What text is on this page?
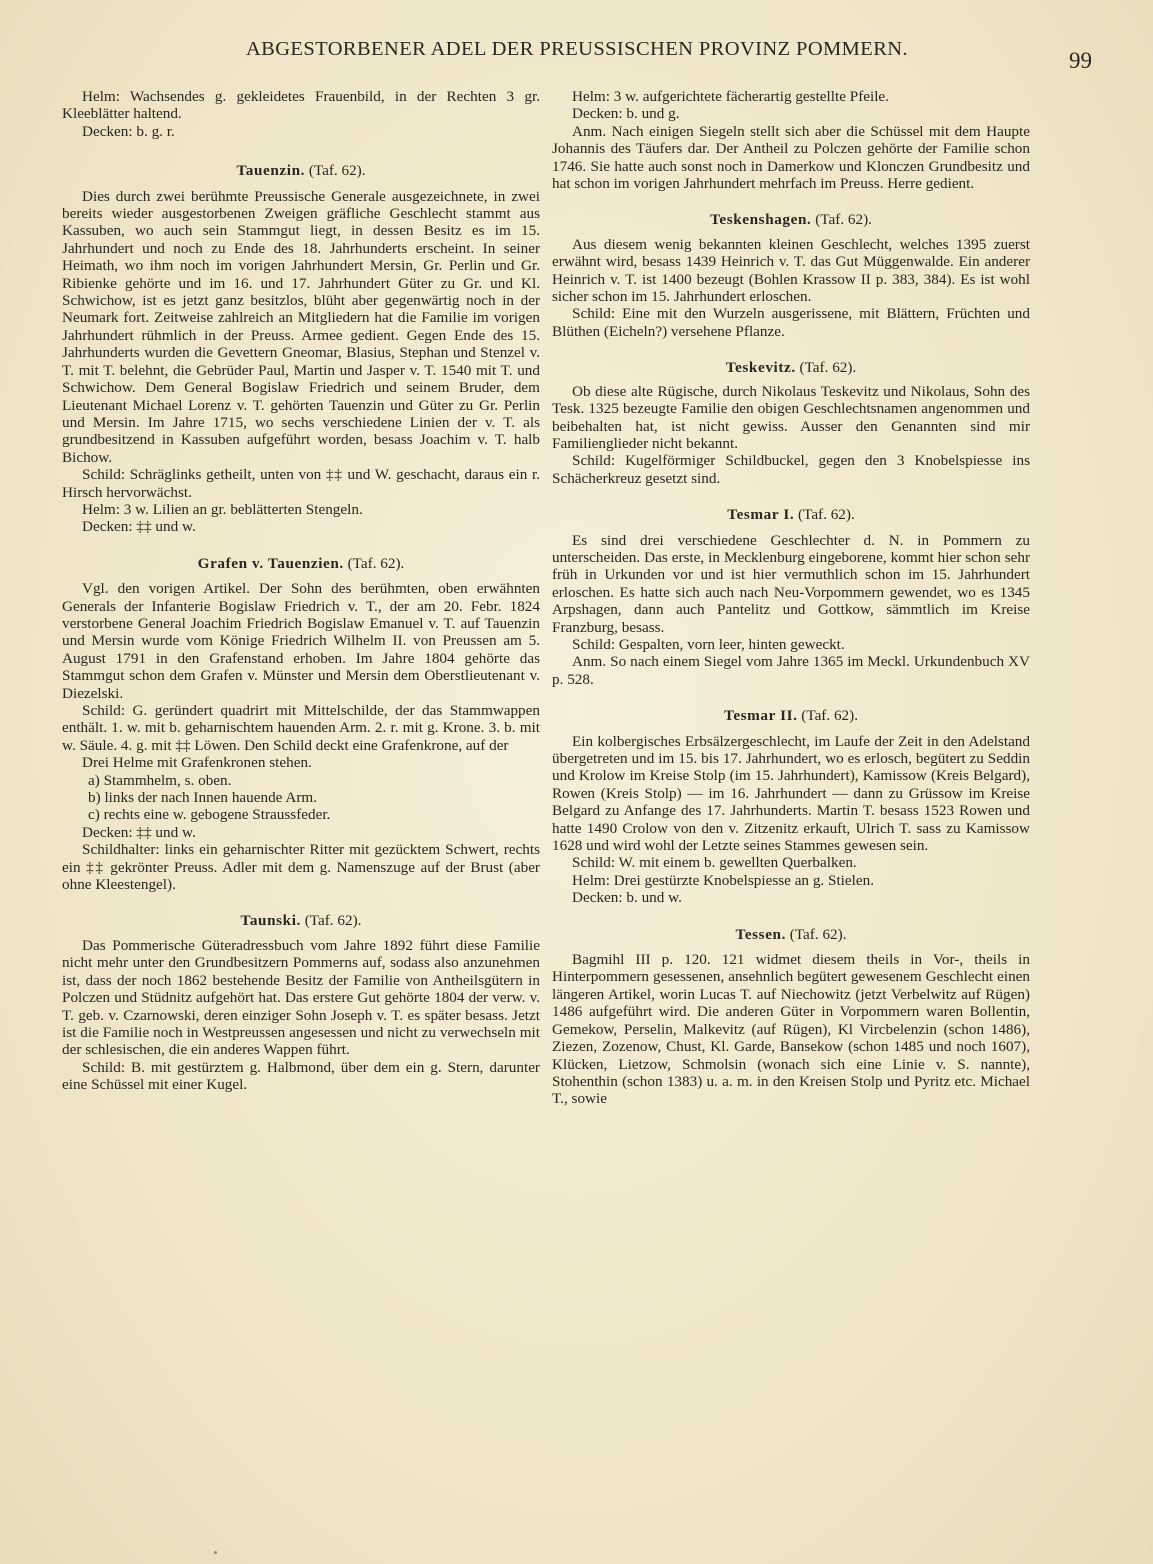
ABGESTORBENER ADEL DER PREUSSISCHEN PROVINZ POMMERN.	99

Helm: Wachsendes g. gekleidetes Frauenbild, in der Rechten 3 gr. Kleeblätter haltend.

Decken: b. g. r.

Tauenzin. (Taf. 62).

Dies durch zwei berühmte Preussische Generale ausgezeichnete, in zwei bereits wieder ausgestorbenen Zweigen gräfliche Geschlecht stammt aus Kassuben, wo auch sein Stammgut liegt, in dessen Besitz es im 15. Jahrhundert und noch zu Ende des 18. Jahrhunderts erscheint. In seiner Heimath, wo ihm noch im vorigen Jahrhundert Mersin, Gr. Perlin und Gr. Ribienke gehörte und im 16. und 17. Jahrhundert Güter zu Gr. und Kl. Schwichow, ist es jetzt ganz besitzlos, blüht aber gegenwärtig noch in der Neumark fort. Zeitweise zahlreich an Mitgliedern hat die Familie im vorigen Jahrhundert rühmlich in der Preuss. Armee gedient. Gegen Ende des 15. Jahrhunderts wurden die Gevettern Gneomar, Blasius, Stephan und Stenzel v. T. mit T. belehnt, die Gebrüder Paul, Martin und Jasper v. T. 1540 mit T. und Schwichow. Dem General Bogislaw Friedrich und seinem Bruder, dem Lieutenant Michael Lorenz v. T. gehörten Tauenzin und Güter zu Gr. Perlin und Mersin. Im Jahre 1715, wo sechs verschiedene Linien der v. T. als grundbesitzend in Kassuben aufgeführt worden, besass Joachim v. T. halb Bichow.

Schild: Schräglinks getheilt, unten von ‡‡ und W. geschacht, daraus ein r. Hirsch hervorwächst.

Helm: 3 w. Lilien an gr. beblätterten Stengeln.

Decken: ‡‡ und w.

Grafen v. Tauenzien. (Taf. 62).

Vgl. den vorigen Artikel. Der Sohn des berühmten, oben erwähnten Generals der Infanterie Bogislaw Friedrich v. T., der am 20. Febr. 1824 verstorbene General Joachim Friedrich Bogislaw Emanuel v. T. auf Tauenzin und Mersin wurde vom Könige Friedrich Wilhelm II. von Preussen am 5. August 1791 in den Grafenstand erhoben. Im Jahre 1804 gehörte das Stammgut schon dem Grafen v. Münster und Mersin dem Oberstlieutenant v. Diezelski.

Schild: G. geründert quadrirt mit Mittelschilde, der das Stammwappen enthält. 1. w. mit b. geharnischtem hauenden Arm. 2. r. mit g. Krone. 3. b. mit w. Säule. 4. g. mit ‡‡ Löwen. Den Schild deckt eine Grafenkrone, auf der

Drei Helme mit Grafenkronen stehen.

a) Stammhelm, s. oben.

b) links der nach Innen hauende Arm.

c) rechts eine w. gebogene Straussfeder.

Decken: ‡‡ und w.

Schildhalter: links ein geharnischter Ritter mit gezücktem Schwert, rechts ein ‡‡ gekrönter Preuss. Adler mit dem g. Namenszuge auf der Brust (aber ohne Kleestengel).

Taunski. (Taf. 62).

Das Pommerische Güteradressbuch vom Jahre 1892 führt diese Familie nicht mehr unter den Grundbesitzern Pommerns auf, sodass also anzunehmen ist, dass der noch 1862 bestehende Besitz der Familie von Antheilsgütern in Polczen und Stüdnitz aufgehört hat. Das erstere Gut gehörte 1804 der verw. v. T. geb. v. Czarnowski, deren einziger Sohn Joseph v. T. es später besass. Jetzt ist die Familie noch in Westpreussen angesessen und nicht zu verwechseln mit der schlesischen, die ein anderes Wappen führt.

Schild: B. mit gestürztem g. Halbmond, über dem ein g. Stern, darunter eine Schüssel mit einer Kugel.

Helm: 3 w. aufgerichtete fächerartig gestellte Pfeile.

Decken: b. und g.

Anm. Nach einigen Siegeln stellt sich aber die Schüssel mit dem Haupte Johannis des Täufers dar. Der Antheil zu Polczen gehörte der Familie schon 1746. Sie hatte auch sonst noch in Damerkow und Klonczen Grundbesitz und hat schon im vorigen Jahrhundert mehrfach im Preuss. Herre gedient.

Teskenshagen. (Taf. 62).

Aus diesem wenig bekannten kleinen Geschlecht, welches 1395 zuerst erwähnt wird, besass 1439 Heinrich v. T. das Gut Müggenwalde. Ein anderer Heinrich v. T. ist 1400 bezeugt (Bohlen Krassow II p. 383, 384). Es ist wohl sicher schon im 15. Jahrhundert erloschen.

Schild: Eine mit den Wurzeln ausgerissene, mit Blättern, Früchten und Blüthen (Eicheln?) versehene Pflanze.

Teskevitz. (Taf. 62).

Ob diese alte Rügische, durch Nikolaus Teskevitz und Nikolaus, Sohn des Tesk. 1325 bezeugte Familie den obigen Geschlechtsnamen angenommen und beibehalten hat, ist nicht gewiss. Ausser den Genannten sind mir Familienglieder nicht bekannt.

Schild: Kugelförmiger Schildbuckel, gegen den 3 Knobelspiesse ins Schächerkreuz gesetzt sind.

Tesmar I. (Taf. 62).

Es sind drei verschiedene Geschlechter d. N. in Pommern zu unterscheiden. Das erste, in Mecklenburg eingeborene, kommt hier schon sehr früh in Urkunden vor und ist hier vermuthlich schon im 15. Jahrhundert erloschen. Es hatte sich auch nach Neu-Vorpommern gewendet, wo es 1345 Arpshagen, dann auch Pantelitz und Gottkow, sämmtlich im Kreise Franzburg, besass.

Schild: Gespalten, vorn leer, hinten geweckt.

Anm. So nach einem Siegel vom Jahre 1365 im Meckl. Urkundenbuch XV p. 528.

Tesmar II. (Taf. 62).

Ein kolbergisches Erbsälzergeschlecht, im Laufe der Zeit in den Adelstand übergetreten und im 15. bis 17. Jahrhundert, wo es erlosch, begütert zu Seddin und Krolow im Kreise Stolp (im 15. Jahrhundert), Kamissow (Kreis Belgard), Rowen (Kreis Stolp) — im 16. Jahrhundert — dann zu Grüssow im Kreise Belgard zu Anfange des 17. Jahrhunderts. Martin T. besass 1523 Rowen und hatte 1490 Crolow von den v. Zitzenitz erkauft, Ulrich T. sass zu Kamissow 1628 und wird wohl der Letzte seines Stammes gewesen sein.

Schild: W. mit einem b. gewellten Querbalken.

Helm: Drei gestürzte Knobelspiesse an g. Stielen.

Decken: b. und w.

Tessen. (Taf. 62).

Bagmihl III p. 120. 121 widmet diesem theils in Vor-, theils in Hinterpommern gesessenen, ansehnlich begütert gewesenem Geschlecht einen längeren Artikel, worin Lucas T. auf Niechowitz (jetzt Verbelwitz auf Rügen) 1486 aufgeführt wird. Die anderen Güter in Vorpommern waren Bollentin, Gemekow, Perselin, Malkevitz (auf Rügen), Kl Vircbelenzin (schon 1486), Ziezen, Zozenow, Chust, Kl. Garde, Bansekow (schon 1485 und noch 1607), Klücken, Lietzow, Schmolsin (wonach sich eine Linie v. S. nannte), Stohenthin (schon 1383) u. a. m. in den Kreisen Stolp und Pyritz etc. Michael T., sowie
